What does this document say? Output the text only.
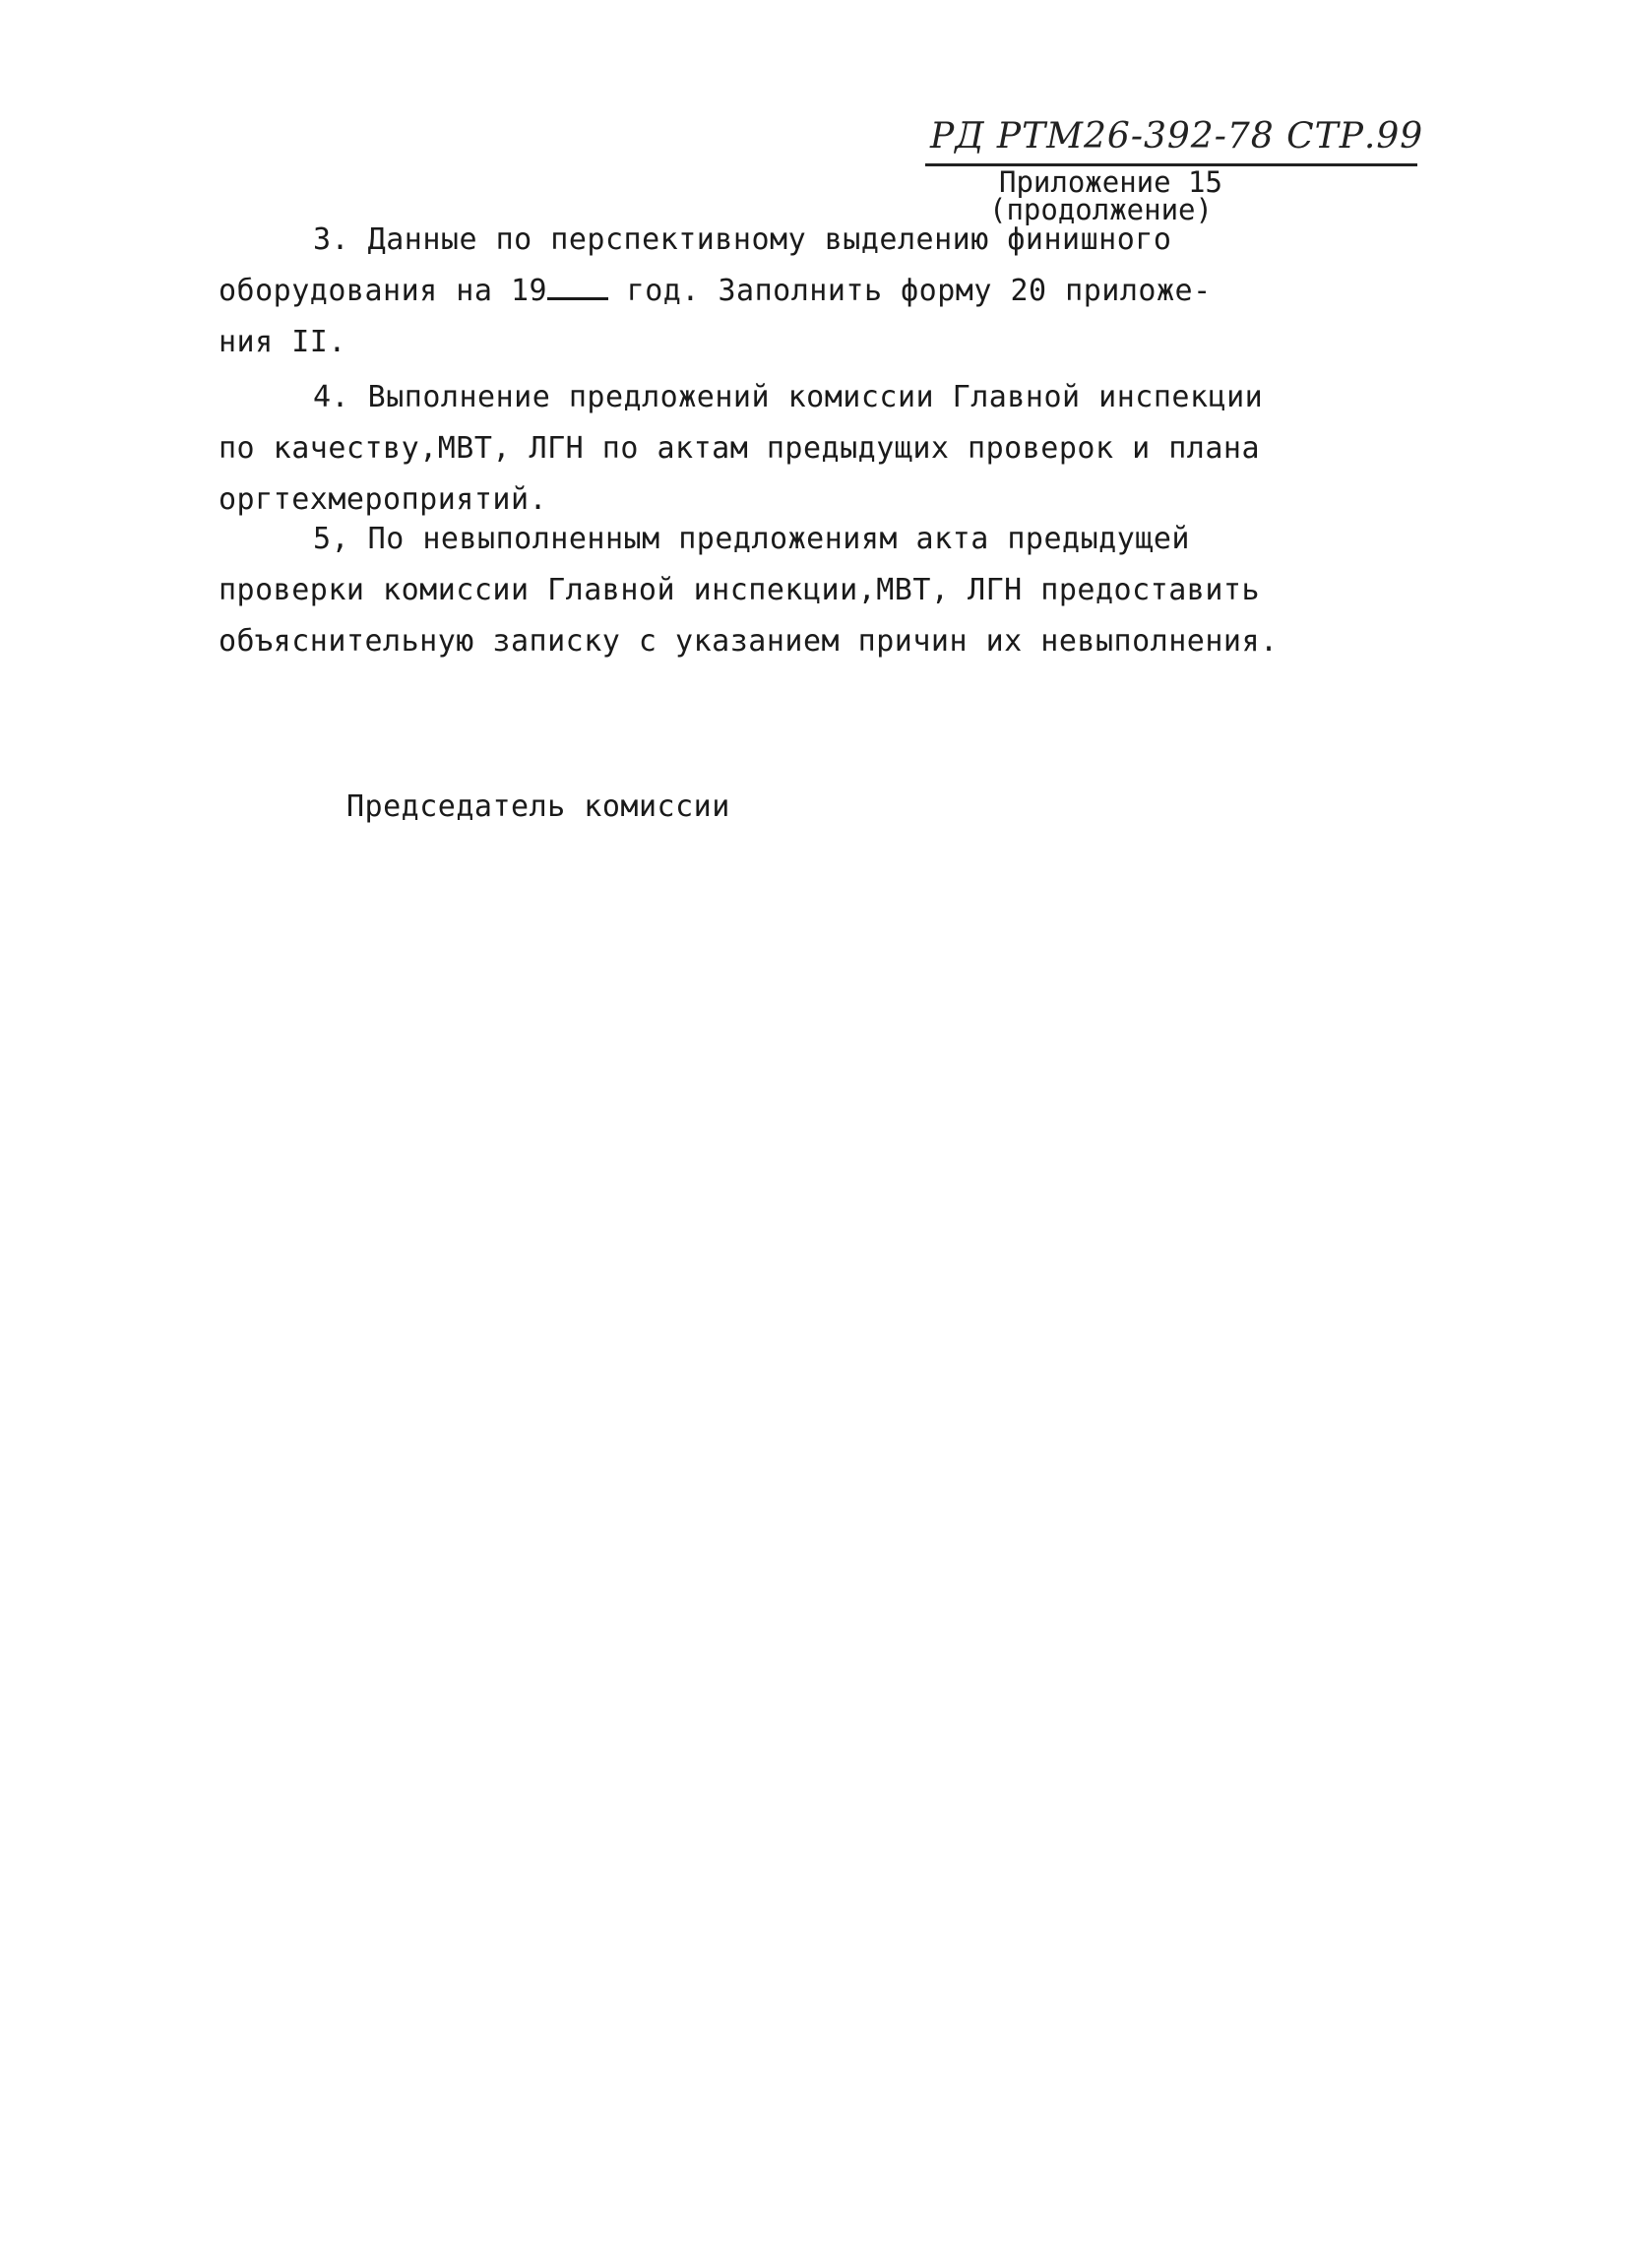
РД РТМ26-392-78 СТР.99
Приложение 15
(продолжение)
3. Данные по перспективному выделению финишного
оборудования на 19	год. Заполнить форму 20 приложе-
ния II.
4. Выполнение предложений комиссии Главной инспекции
по качеству,МВТ, ЛГН по актам предыдущих проверок и плана
оргтехмероприятий.
5, По невыполненным предложениям акта предыдущей
проверки комиссии Главной инспекции,МВТ, ЛГН предоставить
объяснительную записку с указанием причин их невыполнения.
Председатель комиссии
